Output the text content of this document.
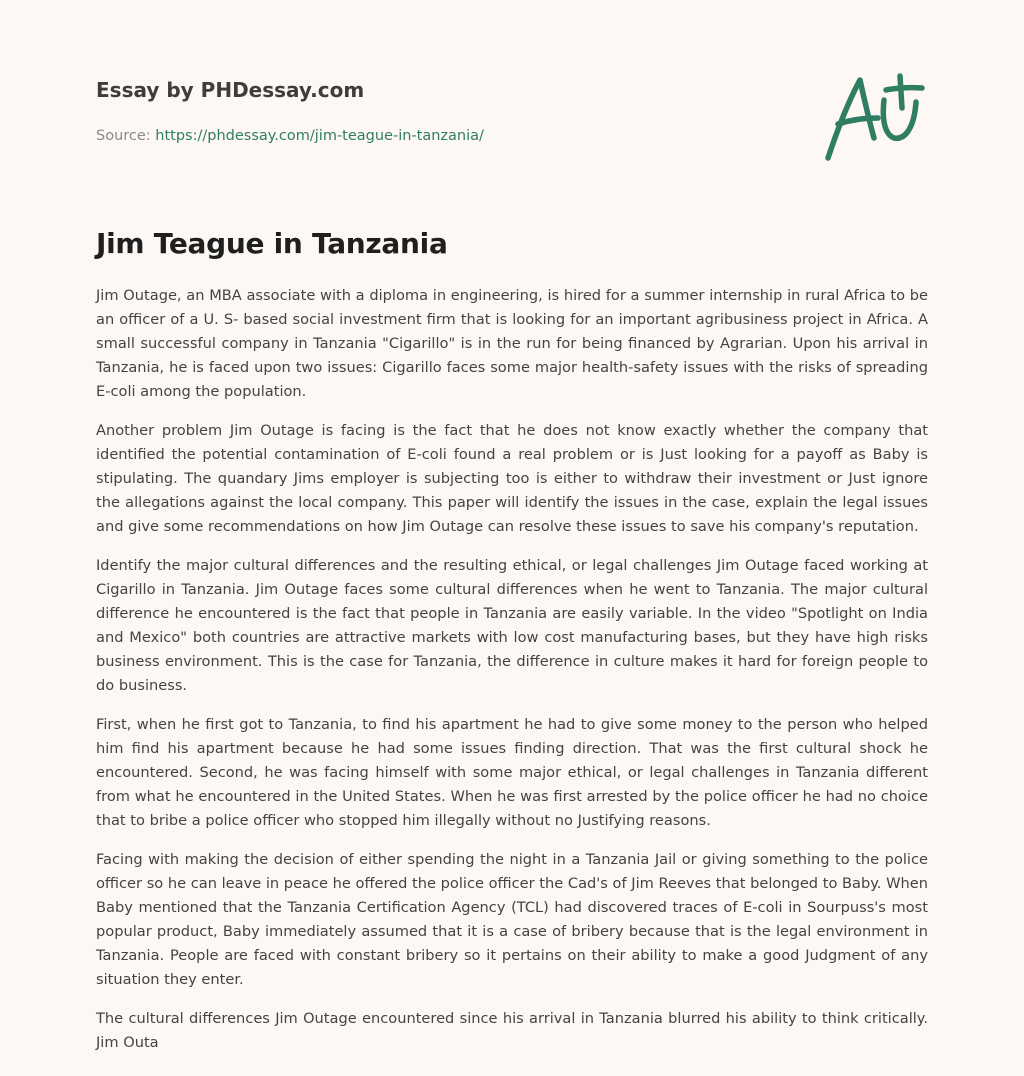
Essay by PHDessay.com
Source: https://phdessay.com/jim-teague-in-tanzania/
Jim Teague in Tanzania

Jim Outage, an MBA associate with a diploma in engineering, is hired for a summer internship in rural Africa to be an officer of a U. S- based social investment firm that is looking for an important agribusiness project in Africa. A small successful company in Tanzania "Cigarillo" is in the run for being financed by Agrarian. Upon his arrival in Tanzania, he is faced upon two issues: Cigarillo faces some major health-safety issues with the risks of spreading E-coli among the population.

Another problem Jim Outage is facing is the fact that he does not know exactly whether the company that identified the potential contamination of E-coli found a real problem or is Just looking for a payoff as Baby is stipulating. The quandary Jims employer is subjecting too is either to withdraw their investment or Just ignore the allegations against the local company. This paper will identify the issues in the case, explain the legal issues and give some recommendations on how Jim Outage can resolve these issues to save his company's reputation.

Identify the major cultural differences and the resulting ethical, or legal challenges Jim Outage faced working at Cigarillo in Tanzania. Jim Outage faces some cultural differences when he went to Tanzania. The major cultural difference he encountered is the fact that people in Tanzania are easily variable. In the video "Spotlight on India and Mexico" both countries are attractive markets with low cost manufacturing bases, but they have high risks business environment. This is the case for Tanzania, the difference in culture makes it hard for foreign people to do business.

First, when he first got to Tanzania, to find his apartment he had to give some money to the person who helped him find his apartment because he had some issues finding direction. That was the first cultural shock he encountered. Second, he was facing himself with some major ethical, or legal challenges in Tanzania different from what he encountered in the United States. When he was first arrested by the police officer he had no choice that to bribe a police officer who stopped him illegally without no Justifying reasons.

Facing with making the decision of either spending the night in a Tanzania Jail or giving something to the police officer so he can leave in peace he offered the police officer the Cad's of Jim Reeves that belonged to Baby. When Baby mentioned that the Tanzania Certification Agency (TCL) had discovered traces of E-coli in Sourpuss's most popular product, Baby immediately assumed that it is a case of bribery because that is the legal environment in Tanzania. People are faced with constant bribery so it pertains on their ability to make a good Judgment of any situation they enter.

The cultural differences Jim Outage encountered since his arrival in Tanzania blurred his ability to think critically. Jim Outa
